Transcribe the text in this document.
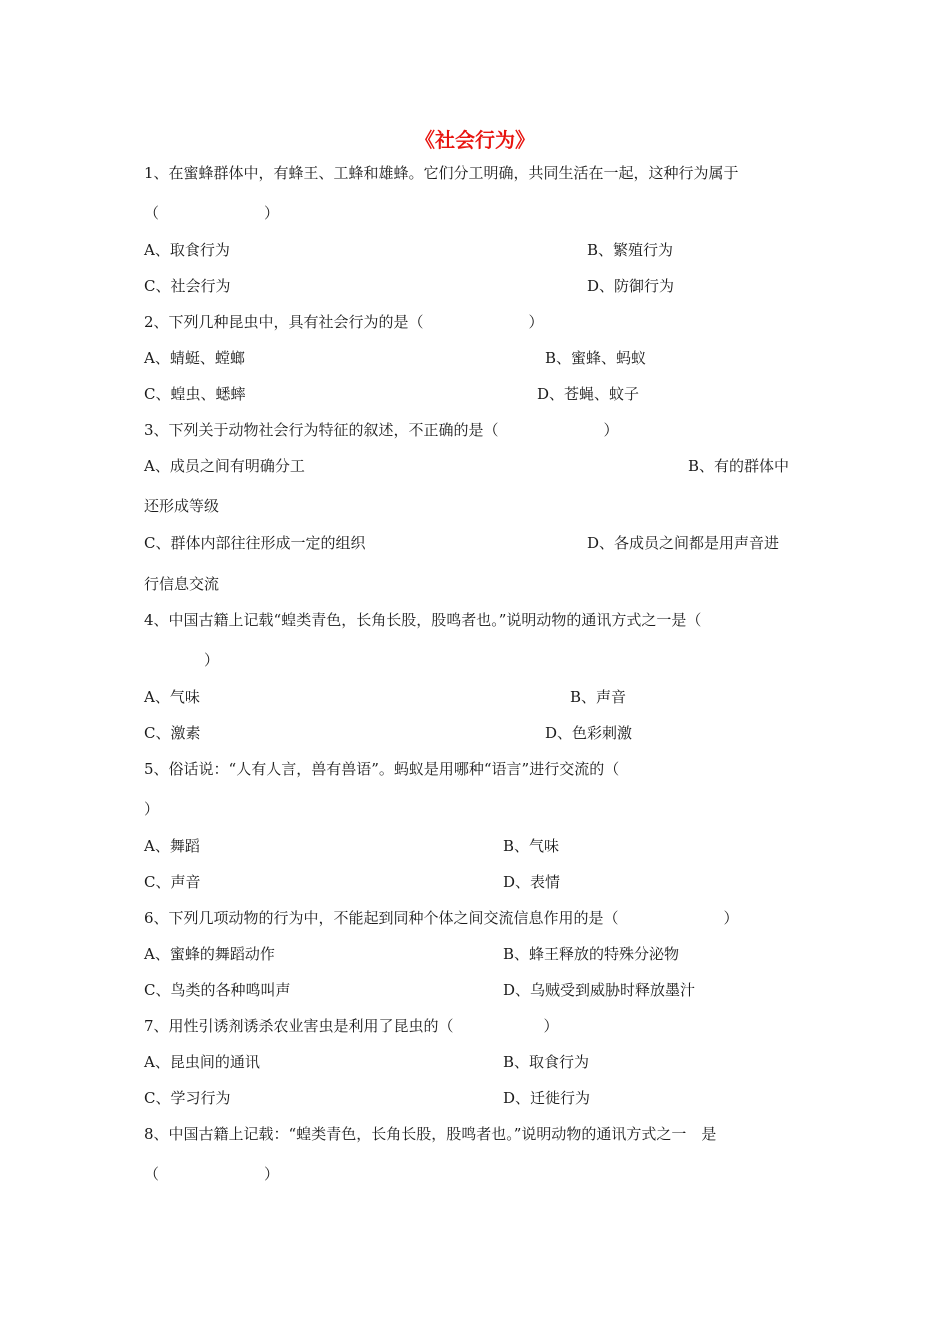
《社会行为》
1、在蜜蜂群体中，有蜂王、工蜂和雄蜂。它们分工明确，共同生活在一起，这种行为属于
（　　　　　　　）
A、取食行为	B、繁殖行为
C、社会行为	D、防御行为
2、下列几种昆虫中，具有社会行为的是（　　　　　　　）
A、蜻蜓、螳螂	B、蜜蜂、蚂蚁
C、蝗虫、蟋蟀	D、苍蝇、蚊子
3、下列关于动物社会行为特征的叙述，不正确的是（　　　　　　　）
A、成员之间有明确分工	B、有的群体中
还形成等级
C、群体内部往往形成一定的组织	D、各成员之间都是用声音进
行信息交流
4、中国古籍上记载“蝗类青色，长角长股，股鸣者也。”说明动物的通讯方式之一是（
　　　　）
A、气味	B、声音
C、激素	D、色彩刺激
5、俗话说：“人有人言，兽有兽语”。蚂蚁是用哪种“语言”进行交流的（
）
A、舞蹈	B、气味
C、声音	D、表情
6、下列几项动物的行为中，不能起到同种个体之间交流信息作用的是（　　　　　　　）
A、蜜蜂的舞蹈动作	B、蜂王释放的特殊分泌物
C、鸟类的各种鸣叫声	D、乌贼受到威胁时释放墨汁
7、用性引诱剂诱杀农业害虫是利用了昆虫的（　　　　　　）
A、昆虫间的通讯	B、取食行为
C、学习行为	D、迁徙行为
8、中国古籍上记载：“蝗类青色，长角长股，股鸣者也。”说明动物的通讯方式之一　是
（　　　　　　　）
